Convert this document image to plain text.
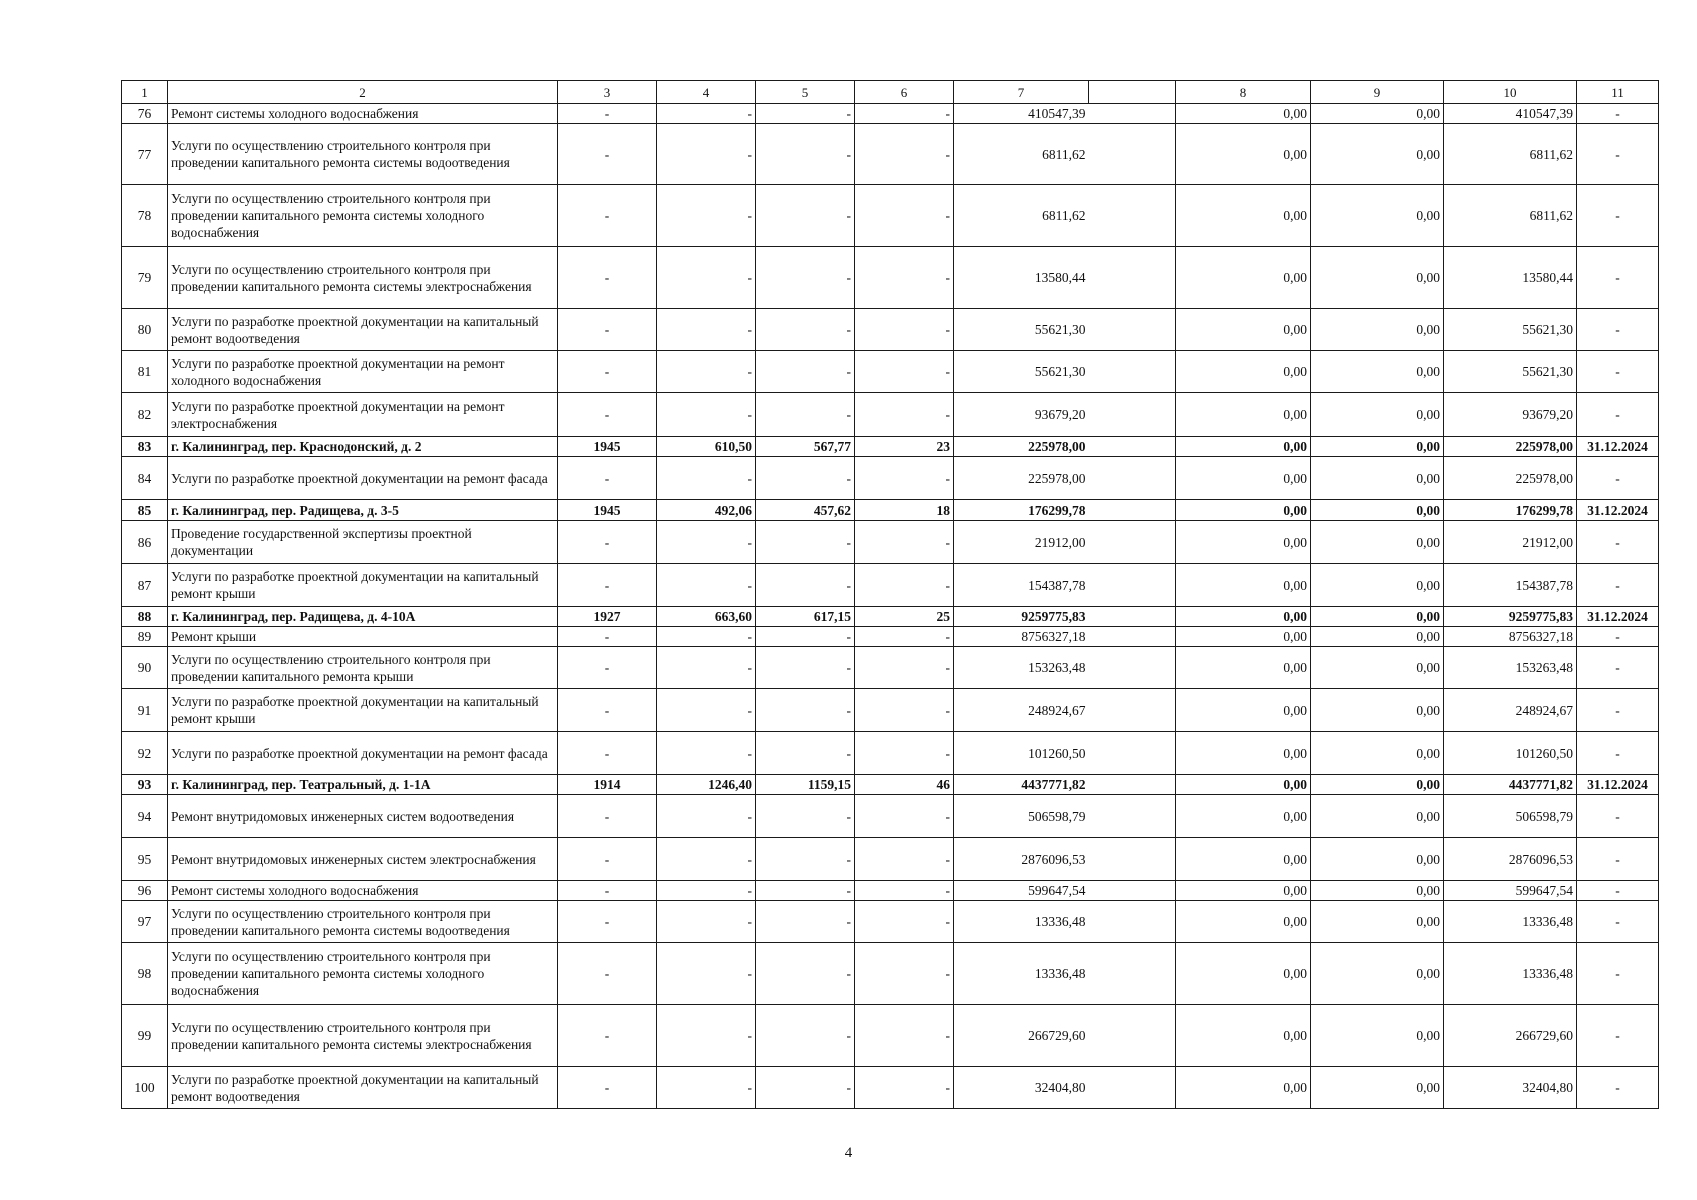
1	2	3	4	5	6	7		8	9	10	11
76	Ремонт системы холодного водоснабжения	-	-	-	-	410547,39		0,00	0,00	410547,39	-
77	Услуги по осуществлению строительного контроля при проведении капитального ремонта системы водоотведения	-	-	-	-	6811,62		0,00	0,00	6811,62	-
78	Услуги по осуществлению строительного контроля при проведении капитального ремонта системы холодного водоснабжения	-	-	-	-	6811,62		0,00	0,00	6811,62	-
79	Услуги по осуществлению строительного контроля при проведении капитального ремонта системы электроснабжения	-	-	-	-	13580,44		0,00	0,00	13580,44	-
80	Услуги по разработке проектной документации на капитальный ремонт водоотведения	-	-	-	-	55621,30		0,00	0,00	55621,30	-
81	Услуги по разработке проектной документации на ремонт холодного водоснабжения	-	-	-	-	55621,30		0,00	0,00	55621,30	-
82	Услуги по разработке проектной документации на ремонт электроснабжения	-	-	-	-	93679,20		0,00	0,00	93679,20	-
83	г. Калининград, пер. Краснодонский, д. 2	1945	610,50	567,77	23	225978,00		0,00	0,00	225978,00	31.12.2024
84	Услуги по разработке проектной документации на ремонт фасада	-	-	-	-	225978,00		0,00	0,00	225978,00	-
85	г. Калининград, пер. Радищева, д. 3-5	1945	492,06	457,62	18	176299,78		0,00	0,00	176299,78	31.12.2024
86	Проведение государственной экспертизы проектной документации	-	-	-	-	21912,00		0,00	0,00	21912,00	-
87	Услуги по разработке проектной документации на капитальный ремонт крыши	-	-	-	-	154387,78		0,00	0,00	154387,78	-
88	г. Калининград, пер. Радищева, д. 4-10А	1927	663,60	617,15	25	9259775,83		0,00	0,00	9259775,83	31.12.2024
89	Ремонт крыши	-	-	-	-	8756327,18		0,00	0,00	8756327,18	-
90	Услуги по осуществлению строительного контроля при проведении капитального ремонта крыши	-	-	-	-	153263,48		0,00	0,00	153263,48	-
91	Услуги по разработке проектной документации на капитальный ремонт крыши	-	-	-	-	248924,67		0,00	0,00	248924,67	-
92	Услуги по разработке проектной документации на ремонт фасада	-	-	-	-	101260,50		0,00	0,00	101260,50	-
93	г. Калининград, пер. Театральный, д. 1-1А	1914	1246,40	1159,15	46	4437771,82		0,00	0,00	4437771,82	31.12.2024
94	Ремонт внутридомовых инженерных систем водоотведения	-	-	-	-	506598,79		0,00	0,00	506598,79	-
95	Ремонт внутридомовых инженерных систем электроснабжения	-	-	-	-	2876096,53		0,00	0,00	2876096,53	-
96	Ремонт системы холодного водоснабжения	-	-	-	-	599647,54		0,00	0,00	599647,54	-
97	Услуги по осуществлению строительного контроля при проведении капитального ремонта системы водоотведения	-	-	-	-	13336,48		0,00	0,00	13336,48	-
98	Услуги по осуществлению строительного контроля при проведении капитального ремонта системы холодного водоснабжения	-	-	-	-	13336,48		0,00	0,00	13336,48	-
99	Услуги по осуществлению строительного контроля при проведении капитального ремонта системы электроснабжения	-	-	-	-	266729,60		0,00	0,00	266729,60	-
100	Услуги по разработке проектной документации на капитальный ремонт водоотведения	-	-	-	-	32404,80		0,00	0,00	32404,80	-
4
